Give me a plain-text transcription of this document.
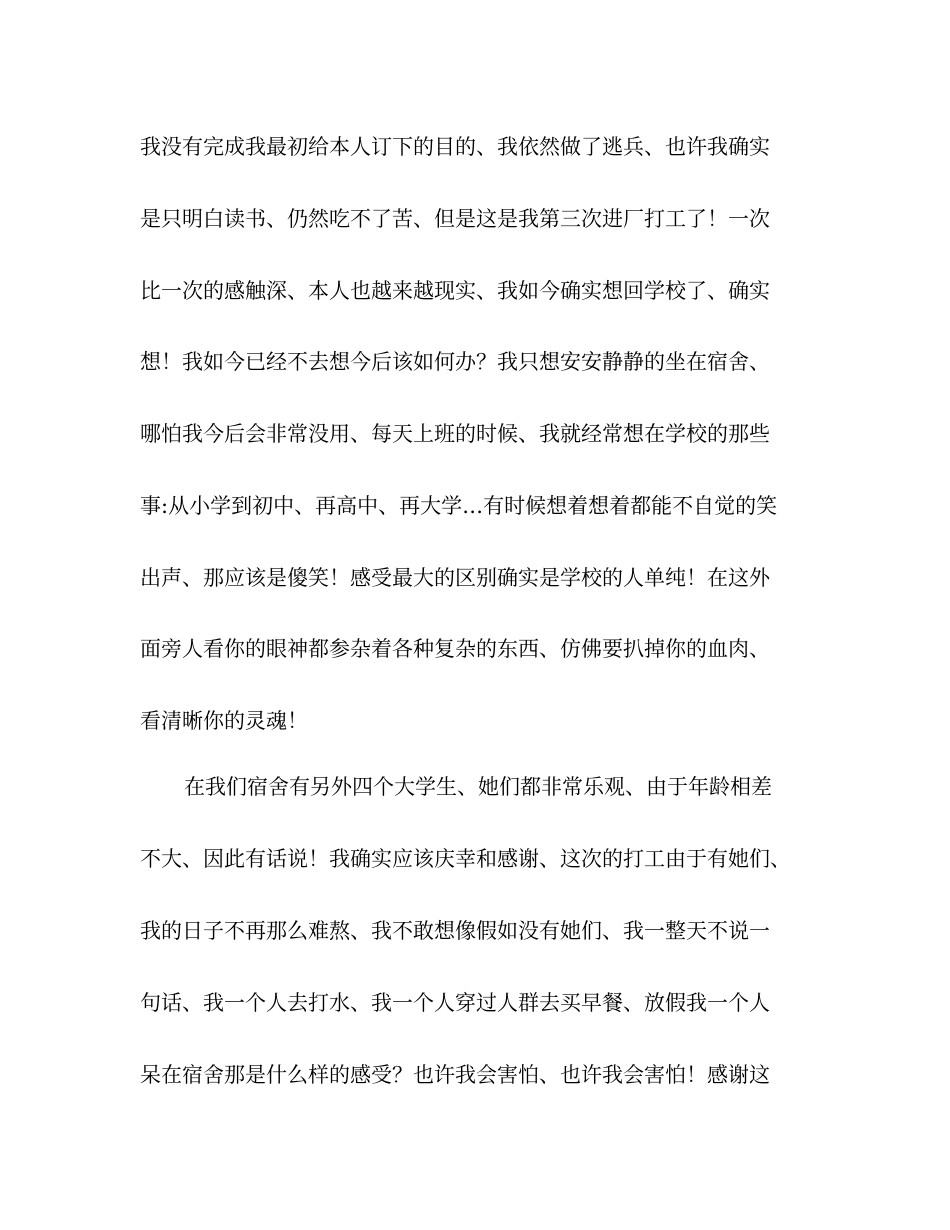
我没有完成我最初给本人订下的目的、我依然做了逃兵、也许我确实
是只明白读书、仍然吃不了苦、但是这是我第三次进厂打工了！一次
比一次的感触深、本人也越来越现实、我如今确实想回学校了、确实
想！我如今已经不去想今后该如何办？我只想安安静静的坐在宿舍、
哪怕我今后会非常没用、每天上班的时候、我就经常想在学校的那些
事:从小学到初中、再高中、再大学…有时候想着想着都能不自觉的笑
出声、那应该是傻笑！感受最大的区别确实是学校的人单纯！在这外
面旁人看你的眼神都参杂着各种复杂的东西、仿佛要扒掉你的血肉、
看清晰你的灵魂！
在我们宿舍有另外四个大学生、她们都非常乐观、由于年龄相差
不大、因此有话说！我确实应该庆幸和感谢、这次的打工由于有她们、
我的日子不再那么难熬、我不敢想像假如没有她们、我一整天不说一
句话、我一个人去打水、我一个人穿过人群去买早餐、放假我一个人
呆在宿舍那是什么样的感受？也许我会害怕、也许我会害怕！感谢这
